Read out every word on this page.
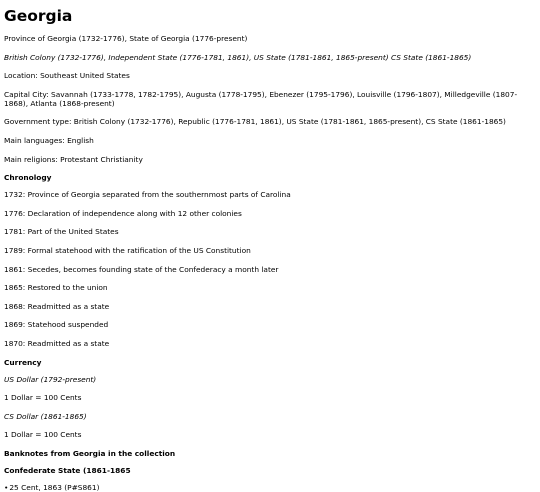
Georgia

Province of Georgia (1732-1776), State of Georgia (1776-present)

British Colony (1732-1776), Independent State (1776-1781, 1861), US State (1781-1861, 1865-present) CS State (1861-1865)

Location: Southeast United States

Capital City: Savannah (1733-1778, 1782-1795), Augusta (1778-1795), Ebenezer (1795-1796), Louisville (1796-1807), Milledgeville (1807-1868), Atlanta (1868-present)

Government type: British Colony (1732-1776), Republic (1776-1781, 1861), US State (1781-1861, 1865-present), CS State (1861-1865)

Main languages: English

Main religions: Protestant Christianity

Chronology

1732: Province of Georgia separated from the southernmost parts of Carolina

1776: Declaration of independence along with 12 other colonies

1781: Part of the United States

1789: Formal statehood with the ratification of the US Constitution

1861: Secedes, becomes founding state of the Confederacy a month later

1865: Restored to the union

1868: Readmitted as a state

1869: Statehood suspended

1870: Readmitted as a state

Currency

US Dollar (1792-present)

1 Dollar = 100 Cents

CS Dollar (1861-1865)

1 Dollar = 100 Cents

Banknotes from Georgia in the collection

Confederate State (1861-1865

•25 Cent, 1863 (P#S861)
